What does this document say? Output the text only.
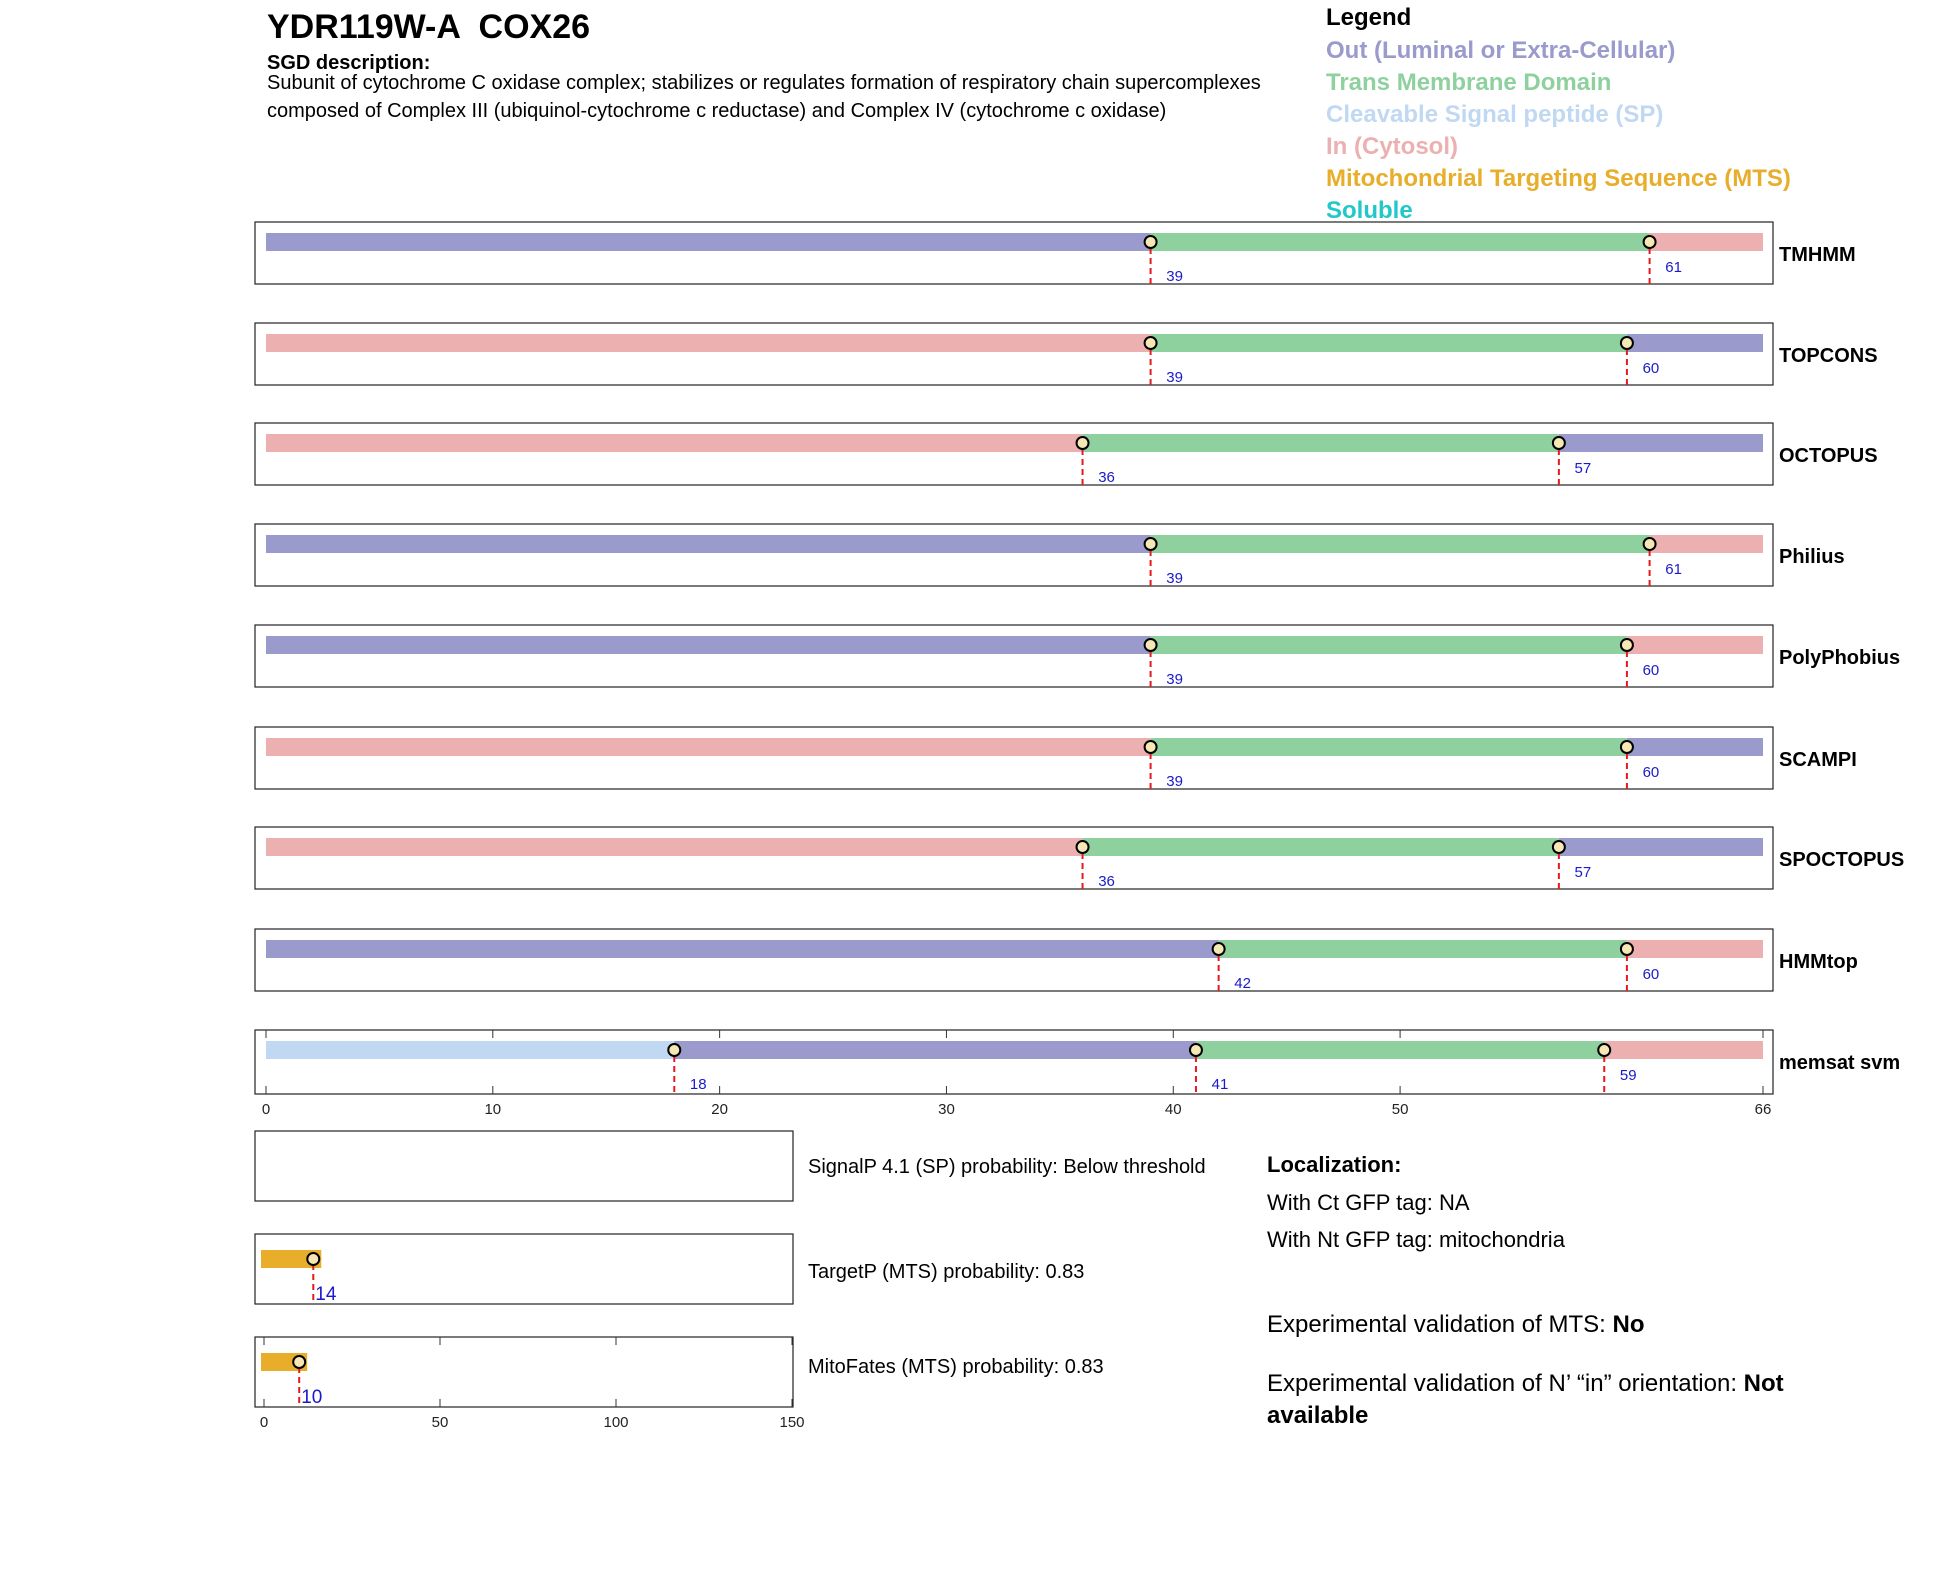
YDR119W-A  COX26
SGD description:
Subunit of cytochrome C oxidase complex; stabilizes or regulates formation of respiratory chain supercomplexes composed of Complex III (ubiquinol-cytochrome c reductase) and Complex IV (cytochrome c oxidase)
Legend
Out (Luminal or Extra-Cellular)
Trans Membrane Domain
Cleavable Signal peptide (SP)
In (Cytosol)
Mitochondrial Targeting Sequence (MTS)
Soluble
39
61
TMHMM
39
60
TOPCONS
36
57
OCTOPUS
39
61
Philius
39
60
PolyPhobius
39
60
SCAMPI
36
57
SPOCTOPUS
42
60
HMMtop
18	41
59
memsat svm
0	10	20	30	40	50	66
14
10
0	50	100	150
SignalP 4.1 (SP) probability: Below threshold
TargetP (MTS) probability: 0.83
MitoFates (MTS) probability: 0.83
Localization:
With Ct GFP tag: NA
With Nt GFP tag: mitochondria
Experimental validation of MTS: No
Experimental validation of N’ “in” orientation: Not available
